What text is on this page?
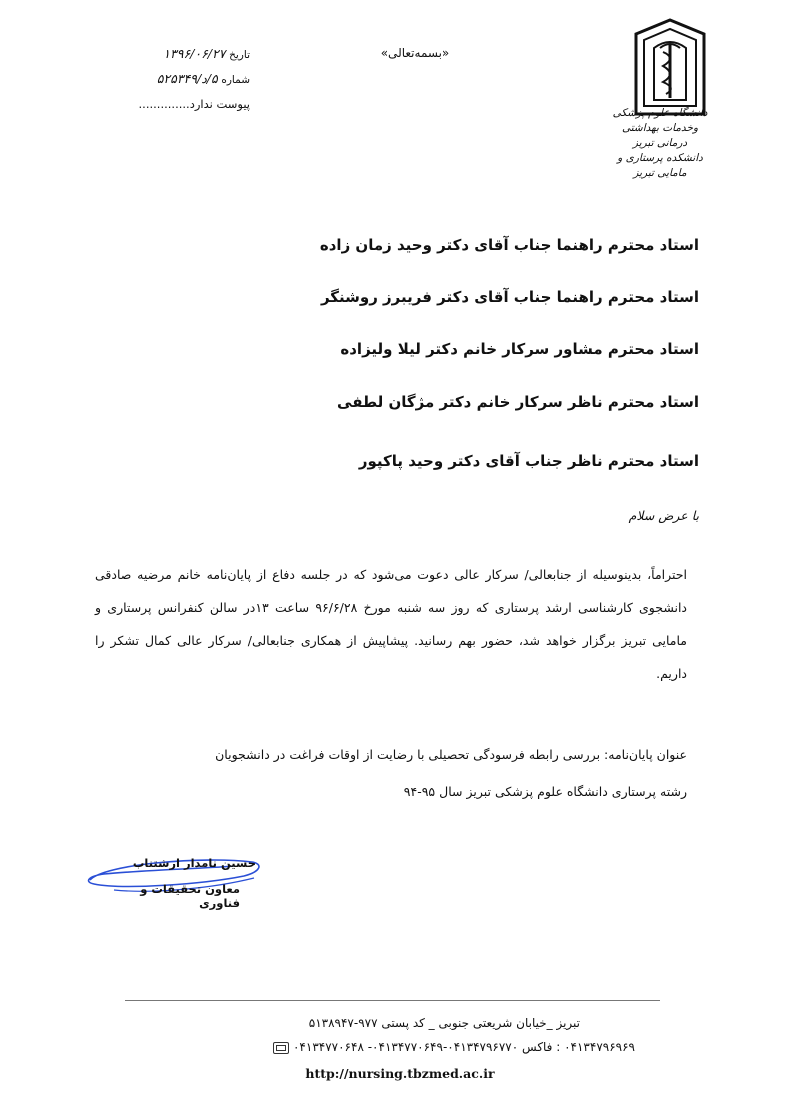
دانشگاه علوم پزشکی
وخدمات بهداشتی درمانی تبریز
دانشکده پرستاری و مامایی تبریز
«بسمه‌تعالی»
تاریخ ۱۳۹۶/۰۶/۲۷
شماره ۵/د/۵۲۵۳۴۹
پیوست ندارد..............
استاد محترم راهنما جناب آقای دکتر وحید زمان زاده
استاد محترم راهنما جناب آقای دکتر فریبرز روشنگر
استاد محترم مشاور سرکار خانم دکتر لیلا ولیزاده
استاد محترم ناظر سرکار خانم دکتر مژگان لطفی
استاد محترم ناظر جناب آقای دکتر وحید پاکپور
با عرض سلام

احتراماً، بدینوسیله از جنابعالی/ سرکار عالی دعوت می‌شود که در جلسه دفاع از پایان‌نامه خانم مرضیه صادقی دانشجوی کارشناسی ارشد پرستاری که روز سه شنبه مورخ ۹۶/۶/۲۸ ساعت ۱۳در سالن کنفرانس پرستاری و مامایی تبریز برگزار خواهد شد، حضور بهم رسانید. پیشاپیش از همکاری جنابعالی/ سرکار عالی کمال تشکر را داریم.

عنوان پایان‌نامه: بررسی رابطه فرسودگی تحصیلی با رضایت از اوقات فراغت در دانشجویان

رشته پرستاری دانشگاه علوم پزشکی تبریز سال ۹۵-۹۴

حسین نامدار ارشتناب
معاون تحقیقات و فناوری
تبریز _خیابان شریعتی جنوبی _ کد پستی ۹۷۷-۵۱۳۸۹۴۷
۰۴۱۳۴۷۹۶۹۶۹ : فاکس ۰۴۱۳۴۷۹۶۷۷۰-۰۴۱۳۴۷۷۰۶۴۹- ۰۴۱۳۴۷۷۰۶۴۸
http://nursing.tbzmed.ac.ir
